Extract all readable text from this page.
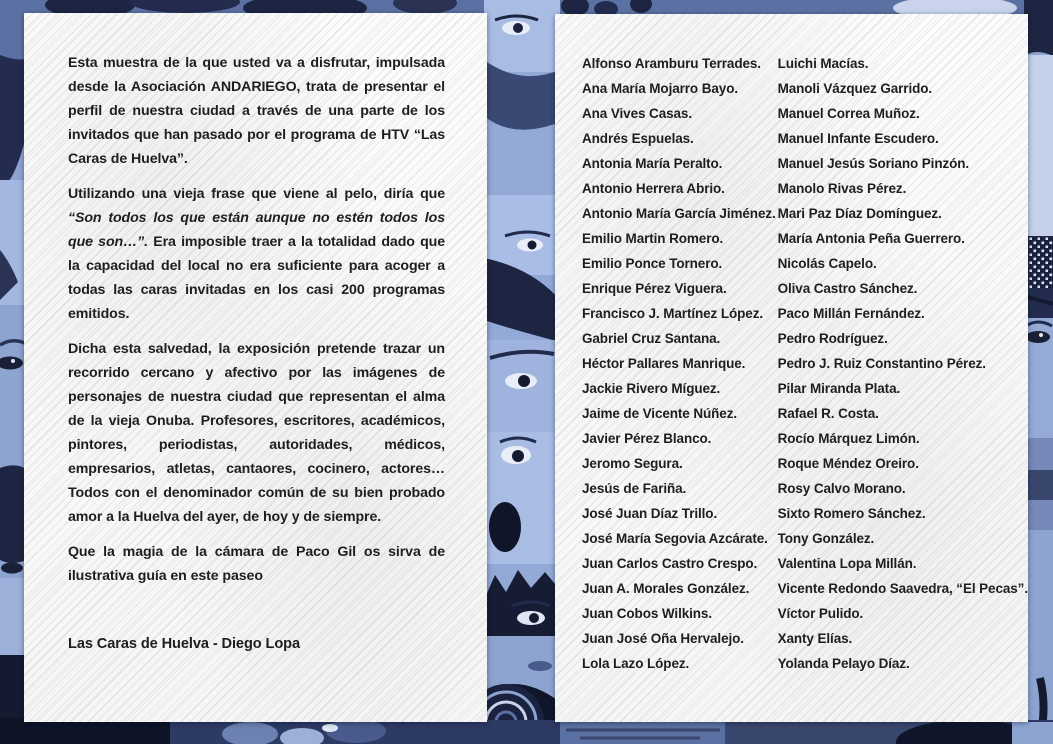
Esta muestra de la que usted va a disfrutar, impulsada desde la Asociación ANDARIEGO, trata de presentar el perfil de nuestra ciudad a través de una parte de los invitados que han pasado por el programa de HTV “Las Caras de Huelva”.

Utilizando una vieja frase que viene al pelo, diría que “Son todos los que están aunque no estén todos los que son…”. Era imposible traer a la totalidad dado que la capacidad del local no era suficiente para acoger a todas las caras invitadas en los casi 200 programas emitidos.

Dicha esta salvedad, la exposición pretende trazar un recorrido cercano y afectivo por las imágenes de personajes de nuestra ciudad que representan el alma de la vieja Onuba. Profesores, escritores, académicos, pintores, periodistas, autoridades, médicos, empresarios, atletas, cantaores, cocinero, actores… Todos con el denominador común de su bien probado amor a la Huelva del ayer, de hoy y de siempre.

Que la magia de la cámara de Paco Gil os sirva de ilustrativa guía en este paseo

Las Caras de Huelva - Diego Lopa

Alfonso Aramburu Terrades.
Ana María Mojarro Bayo.
Ana Vives Casas.
Andrés Espuelas.
Antonia María Peralto.
Antonio Herrera Abrio.
Antonio María García Jiménez.
Emilio Martin Romero.
Emilio Ponce Tornero.
Enrique Pérez Viguera.
Francisco J. Martínez López.
Gabriel Cruz Santana.
Héctor Pallares Manrique.
Jackie Rivero Míguez.
Jaime de Vicente Núñez.
Javier Pérez Blanco.
Jeromo Segura.
Jesús de Fariña.
José Juan Díaz Trillo.
José María Segovia Azcárate.
Juan Carlos Castro Crespo.
Juan A. Morales González.
Juan Cobos Wilkins.
Juan José Oña Hervalejo.
Lola Lazo López.
Luichi Macías.
Manoli Vázquez Garrido.
Manuel Correa Muñoz.
Manuel Infante Escudero.
Manuel Jesús Soriano Pinzón.
Manolo Rivas Pérez.
Mari Paz Díaz Domínguez.
María Antonia Peña Guerrero.
Nicolás Capelo.
Oliva Castro Sánchez.
Paco Millán Fernández.
Pedro Rodríguez.
Pedro J. Ruiz Constantino Pérez.
Pilar Miranda Plata.
Rafael R. Costa.
Rocío Márquez Limón.
Roque Méndez Oreiro.
Rosy Calvo Morano.
Sixto Romero Sánchez.
Tony González.
Valentina Lopa Millán.
Vicente Redondo Saavedra, “El Pecas”.
Víctor Pulido.
Xanty Elías.
Yolanda Pelayo Díaz.
